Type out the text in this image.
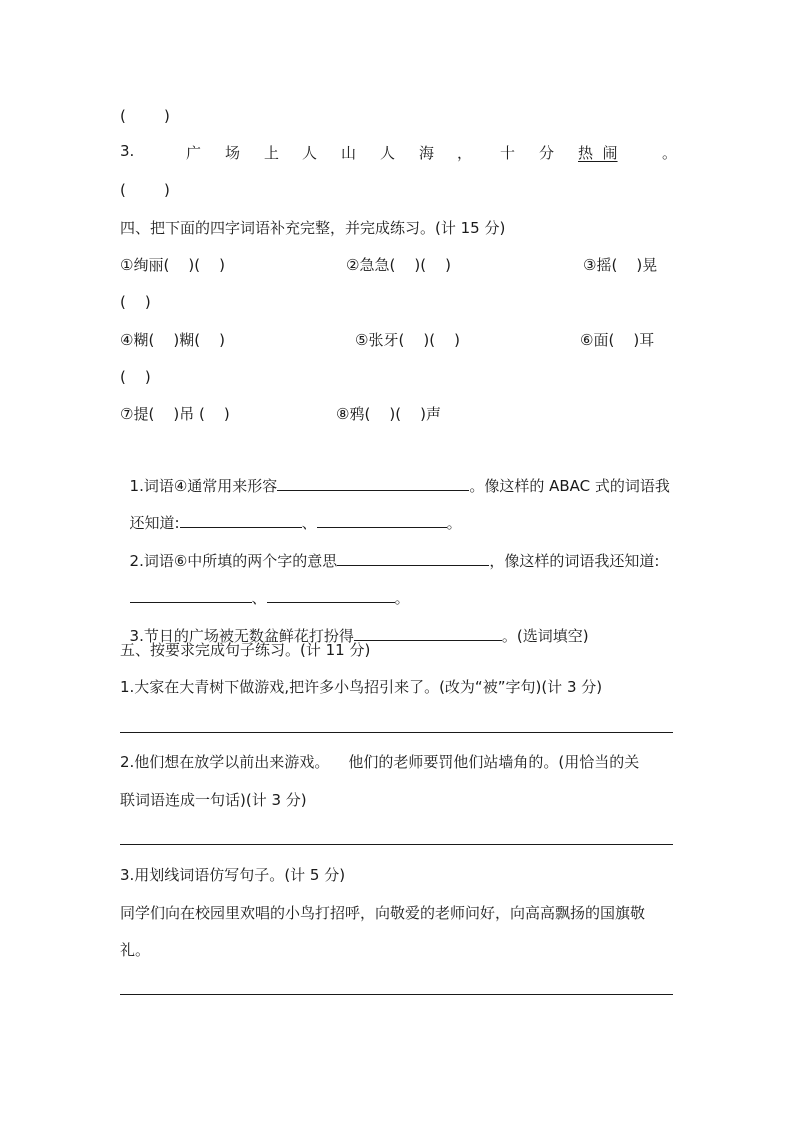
(        )
3.	广 场 上 人 山 人 海 ， 十 分 热  闹	。
(        )
四、把下面的四字词语补充完整，并完成练习。(计 15 分)
①绚丽(    )(    )	②急急(    )(    )	③摇(    )晃
(    )
④糊(    )糊(    )	⑤张牙(    )(    )	⑥面(    )耳
(    )
⑦提(    )吊 (    )	⑧鸦(    )(    )声

1.词语④通常用来形容	。像这样的 ABAC 式的词语我

还知道:	、	。

2.词语⑥中所填的两个字的意思	，像这样的词语我还知道:

、	。

3.节日的广场被无数盆鲜花打扮得	。(选词填空)

五、按要求完成句子练习。(计 11 分)
1.大家在大青树下做游戏,把许多小鸟招引来了。(改为“被”字句)(计 3 分)
2.他们想在放学以前出来游戏。    他们的老师要罚他们站墙角的。(用恰当的关
联词语连成一句话)(计 3 分)
3.用划线词语仿写句子。(计 5 分)
同学们向在校园里欢唱的小鸟打招呼，向敬爱的老师问好，向高高飘扬的国旗敬
礼。
